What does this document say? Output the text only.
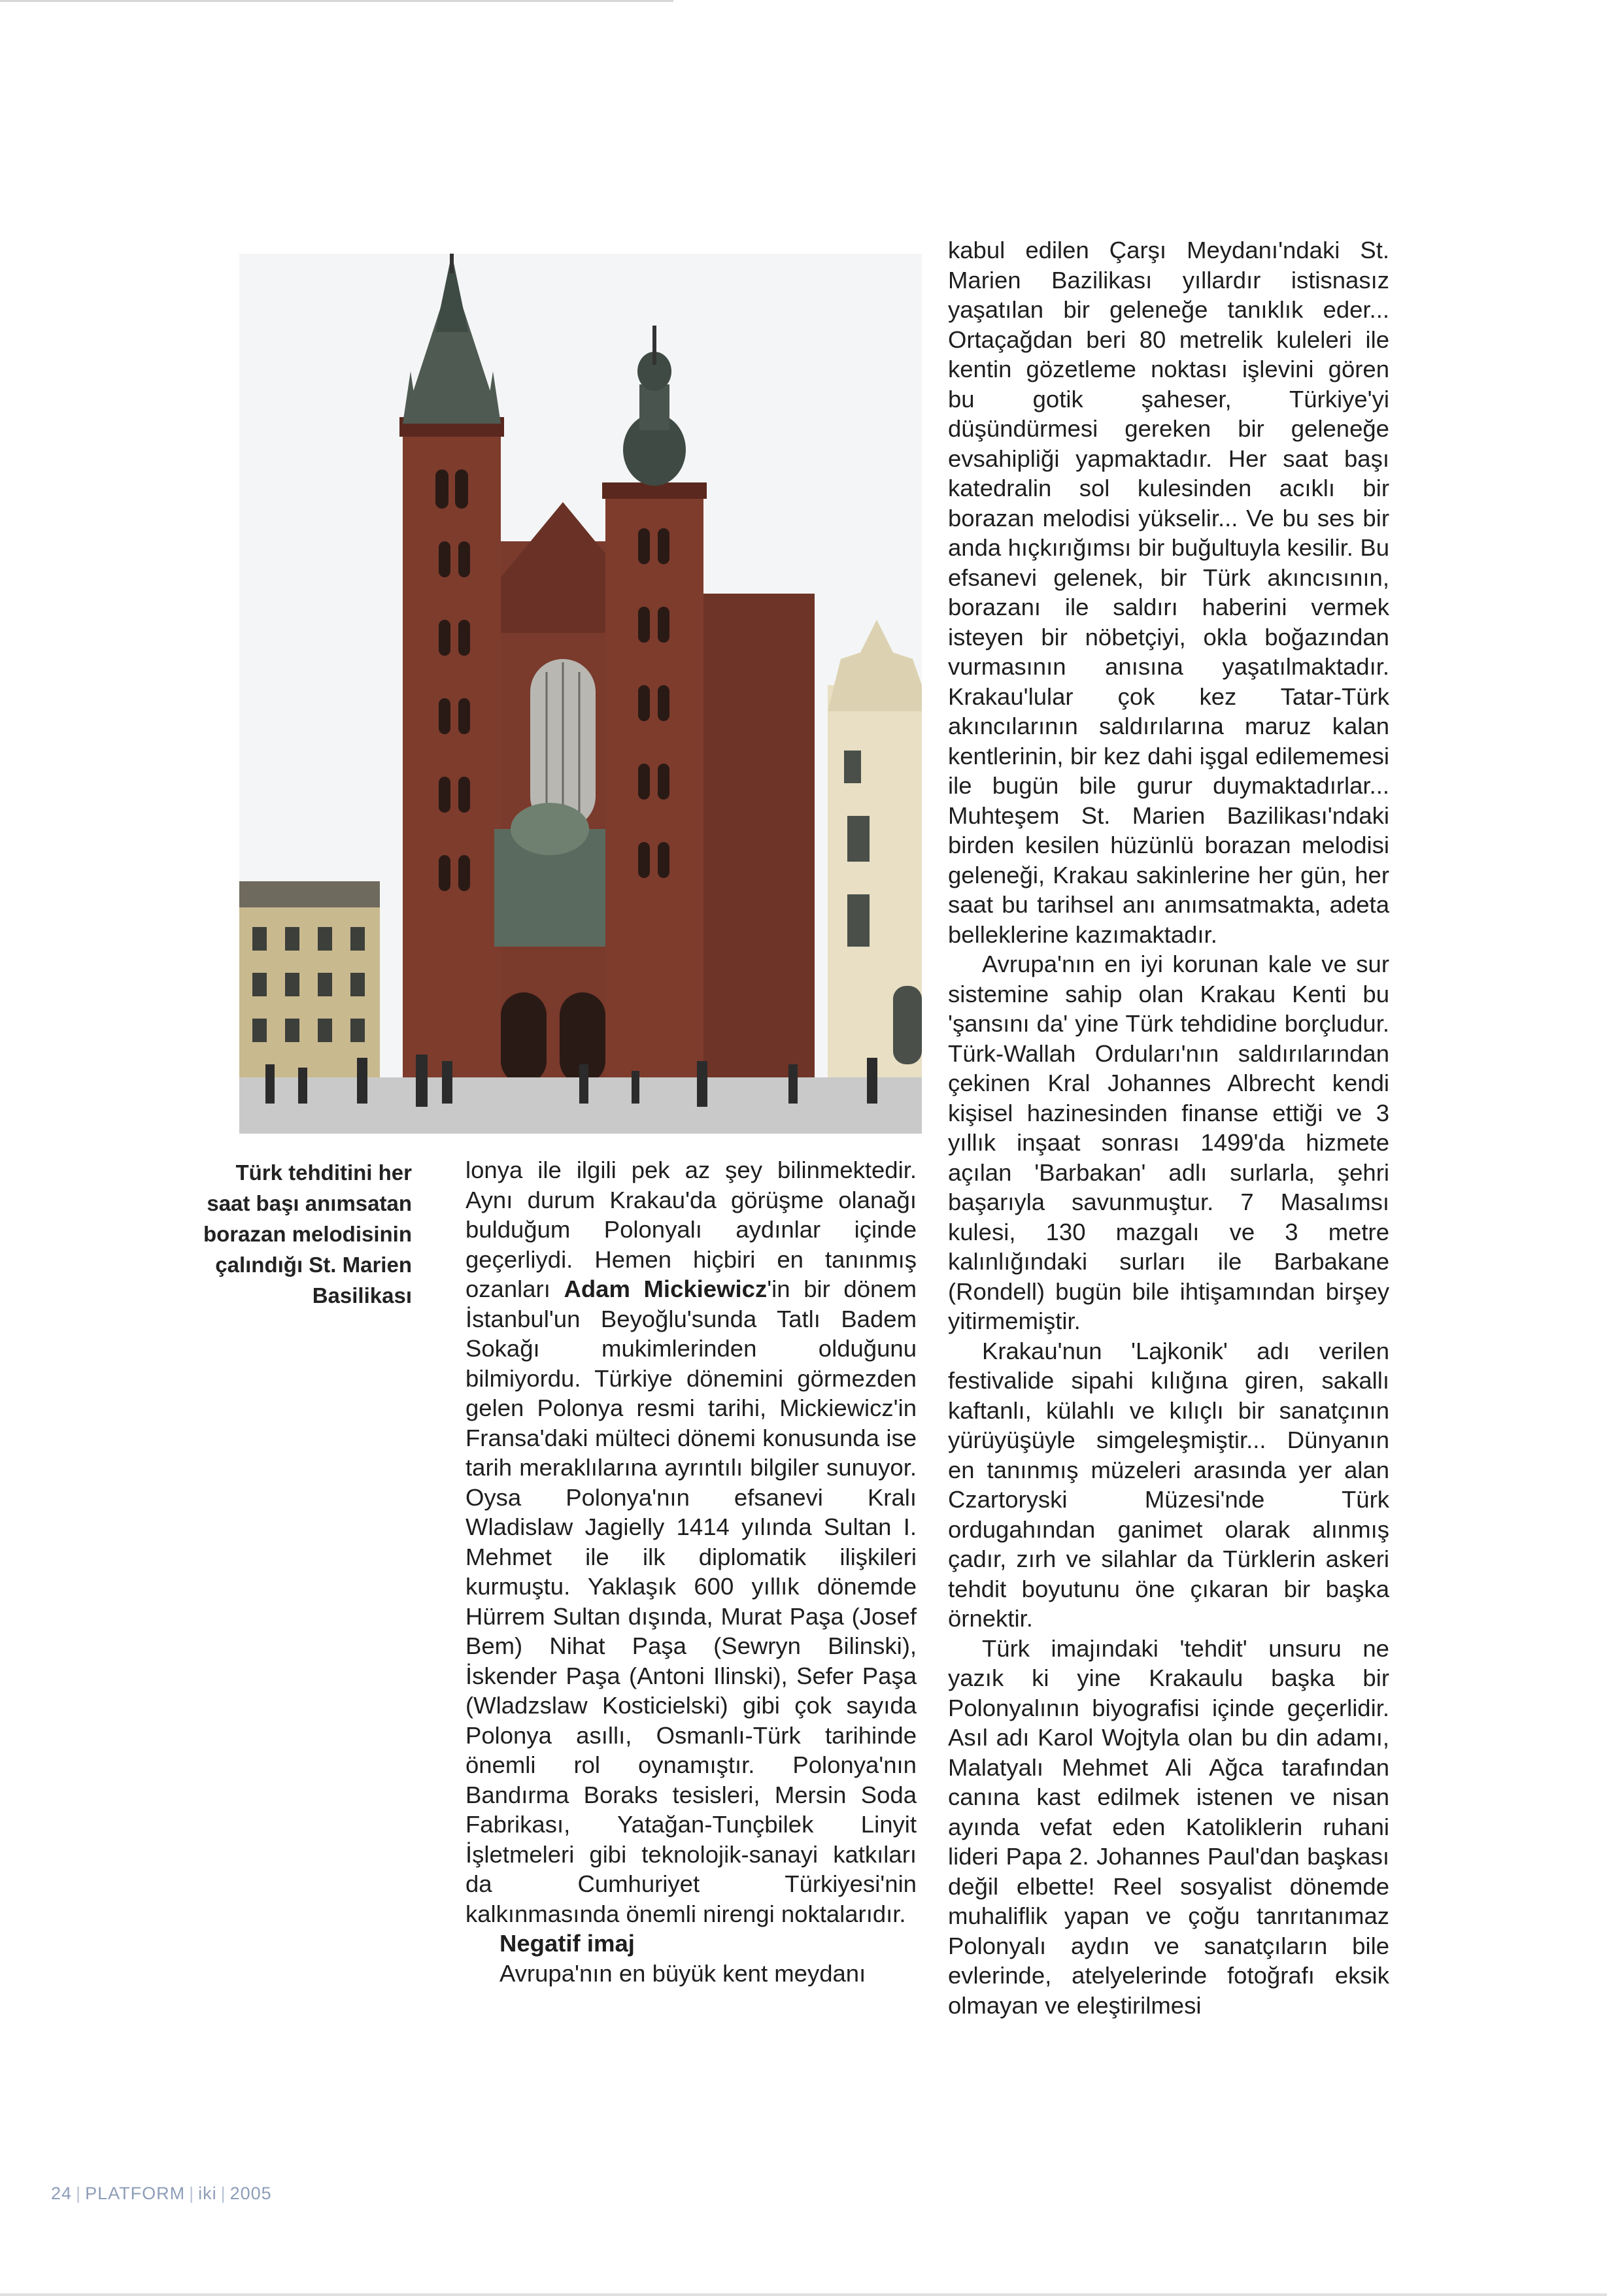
Türk tehditini her
saat başı anımsatan
borazan melodisinin
çalındığı St. Marien
Basilikası

lonya ile ilgili pek az şey bilinmektedir. Aynı durum Krakau'da görüşme olanağı bulduğum Polonyalı aydınlar içinde geçerliydi. Hemen hiçbiri en tanınmış ozanları Adam Mickiewicz'in bir dönem İstanbul'un Beyoğlu'sunda Tatlı Badem Sokağı mukimlerinden olduğunu bilmiyordu. Türkiye dönemini görmezden gelen Polonya resmi tarihi, Mickiewicz'in Fransa'daki mülteci dönemi konusunda ise tarih meraklılarına ayrıntılı bilgiler sunuyor. Oysa Polonya'nın efsanevi Kralı Wladislaw Jagielly 1414 yılında Sultan I. Mehmet ile ilk diplomatik ilişkileri kurmuştu. Yaklaşık 600 yıllık dönemde Hürrem Sultan dışında, Murat Paşa (Josef Bem) Nihat Paşa (Sewryn Bilinski), İskender Paşa (Antoni Ilinski), Sefer Paşa (Wladzslaw Kosticielski) gibi çok sayıda Polonya asıllı, Osmanlı-Türk tarihinde önemli rol oynamıştır. Polonya'nın Bandırma Boraks tesisleri, Mersin Soda Fabrikası, Yatağan-Tunçbilek Linyit İşletmeleri gibi teknolojik-sanayi katkıları da Cumhuriyet Türkiyesi'nin kalkınmasında önemli nirengi noktalarıdır.

Negatif imaj

Avrupa'nın en büyük kent meydanı

kabul edilen Çarşı Meydanı'ndaki St. Marien Bazilikası yıllardır istisnasız yaşatılan bir geleneğe tanıklık eder... Ortaçağdan beri 80 metrelik kuleleri ile kentin gözetleme noktası işlevini gören bu gotik şaheser, Türkiye'yi düşündürmesi gereken bir geleneğe evsahipliği yapmaktadır. Her saat başı katedralin sol kulesinden acıklı bir borazan melodisi yükselir... Ve bu ses bir anda hıçkırığımsı bir buğultuyla kesilir. Bu efsanevi gelenek, bir Türk akıncısının, borazanı ile saldırı haberini vermek isteyen bir nöbetçiyi, okla boğazından vurmasının anısına yaşatılmaktadır. Krakau'lular çok kez Tatar-Türk akıncılarının saldırılarına maruz kalan kentlerinin, bir kez dahi işgal edilememesi ile bugün bile gurur duymaktadırlar... Muhteşem St. Marien Bazilikası'ndaki birden kesilen hüzünlü borazan melodisi geleneği, Krakau sakinlerine her gün, her saat bu tarihsel anı anımsatmakta, adeta belleklerine kazımaktadır.

Avrupa'nın en iyi korunan kale ve sur sistemine sahip olan Krakau Kenti bu 'şansını da' yine Türk tehdidine borçludur. Türk-Wallah Orduları'nın saldırılarından çekinen Kral Johannes Albrecht kendi kişisel hazinesinden finanse ettiği ve 3 yıllık inşaat sonrası 1499'da hizmete açılan 'Barbakan' adlı surlarla, şehri başarıyla savunmuştur. 7 Masalımsı kulesi, 130 mazgalı ve 3 metre kalınlığındaki surları ile Barbakane (Rondell) bugün bile ihtişamından birşey yitirmemiştir.

Krakau'nun 'Lajkonik' adı verilen festivalide sipahi kılığına giren, sakallı kaftanlı, külahlı ve kılıçlı bir sanatçının yürüyüşüyle simgeleşmiştir... Dünyanın en tanınmış müzeleri arasında yer alan Czartoryski Müzesi'nde Türk ordugahından ganimet olarak alınmış çadır, zırh ve silahlar da Türklerin askeri tehdit boyutunu öne çıkaran bir başka örnektir.

Türk imajındaki 'tehdit' unsuru ne yazık ki yine Krakaulu başka bir Polonyalının biyografisi içinde geçerlidir. Asıl adı Karol Wojtyla olan bu din adamı, Malatyalı Mehmet Ali Ağca tarafından canına kast edilmek istenen ve nisan ayında vefat eden Katoliklerin ruhani lideri Papa 2. Johannes Paul'dan başkası değil elbette! Reel sosyalist dönemde muhaliflik yapan ve çoğu tanrıtanımaz Polonyalı aydın ve sanatçıların bile evlerinde, atelyelerinde fotoğrafı eksik olmayan ve eleştirilmesi

24 | PLATFORM | iki | 2005
